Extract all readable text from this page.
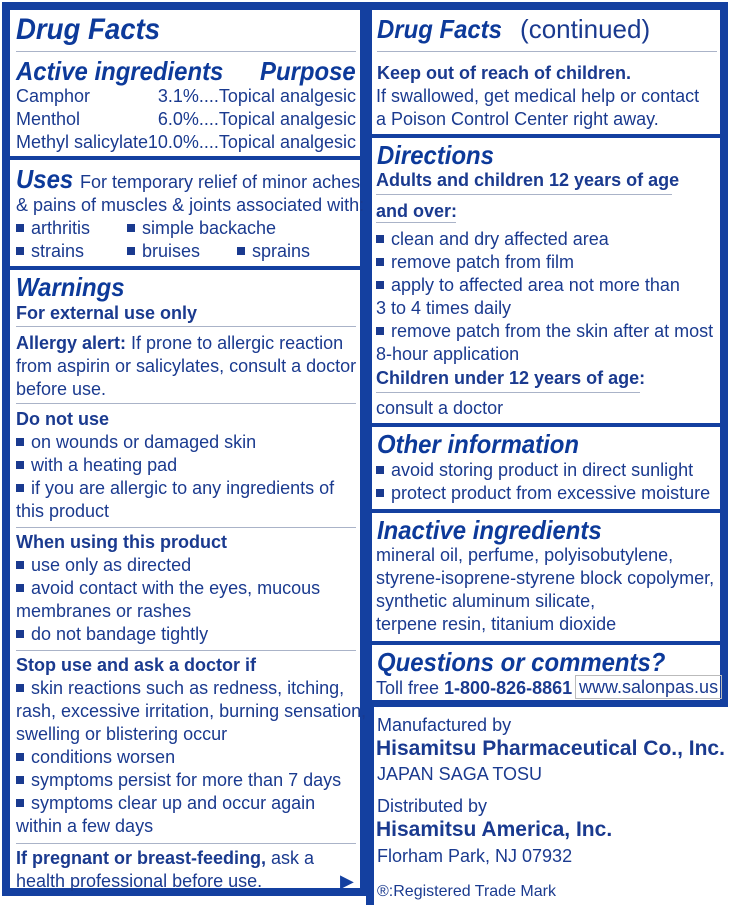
Drug Facts
Active ingredients Purpose
Camphor	3.1%....Topical analgesic
Menthol	6.0%....Topical analgesic
Methyl salicylate 10.0%....Topical analgesic
Uses For temporary relief of minor aches
& pains of muscles & joints associated with:
arthritis	simple backache
strains	bruises	sprains
Warnings
For external use only
Allergy alert: If prone to allergic reaction
from aspirin or salicylates, consult a doctor
before use.
Do not use
on wounds or damaged skin
with a heating pad
if you are allergic to any ingredients of
this product
When using this product
use only as directed
avoid contact with the eyes, mucous
membranes or rashes
do not bandage tightly
Stop use and ask a doctor if
skin reactions such as redness, itching,
rash, excessive irritation, burning sensation,
swelling or blistering occur
conditions worsen
symptoms persist for more than 7 days
symptoms clear up and occur again
within a few days
If pregnant or breast-feeding, ask a
health professional before use.	▶
Drug Facts (continued)
Keep out of reach of children.
If swallowed, get medical help or contact
a Poison Control Center right away.
Directions
Adults and children 12 years of age
and over:
clean and dry affected area
remove patch from film
apply to affected area not more than
3 to 4 times daily
remove patch from the skin after at most
8-hour application
Children under 12 years of age:
consult a doctor
Other information
avoid storing product in direct sunlight
protect product from excessive moisture
Inactive ingredients
mineral oil, perfume, polyisobutylene,
styrene-isoprene-styrene block copolymer,
synthetic aluminum silicate,
terpene resin, titanium dioxide
Questions or comments?
Toll free 1-800-826-8861 www.salonpas.us
Manufactured by
Hisamitsu Pharmaceutical Co., Inc.
JAPAN SAGA TOSU
Distributed by
Hisamitsu America, Inc.
Florham Park, NJ 07932
®:Registered Trade Mark
